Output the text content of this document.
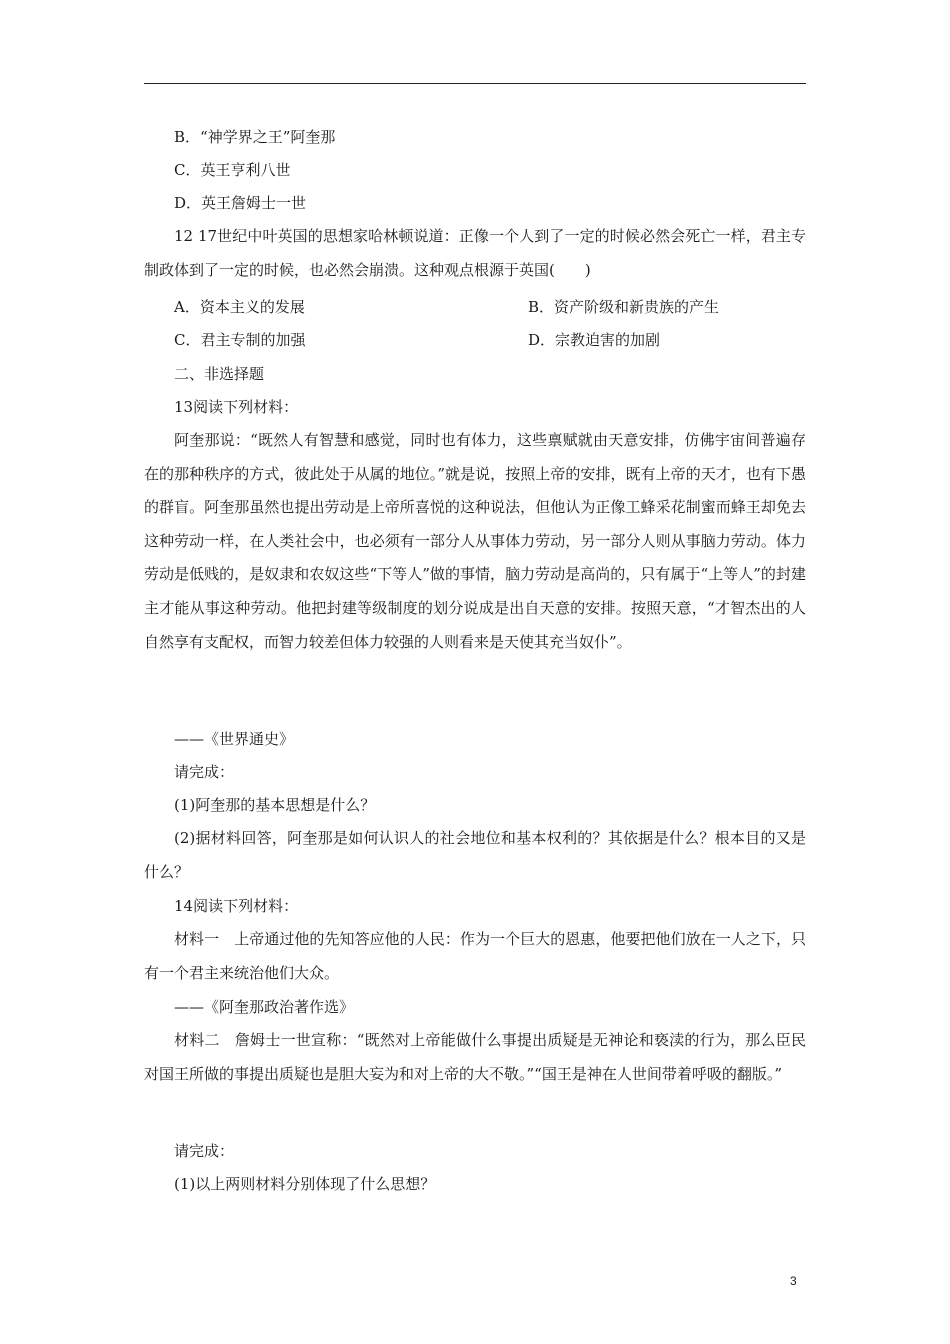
B．“神学界之王”阿奎那
C．英王亨利八世
D．英王詹姆士一世
12 17世纪中叶英国的思想家哈林顿说道：正像一个人到了一定的时候必然会死亡一样，君主专制政体到了一定的时候，也必然会崩溃。这种观点根源于英国(　　)
A．资本主义的发展	B．资产阶级和新贵族的产生
C．君主专制的加强	D．宗教迫害的加剧
二、非选择题
13阅读下列材料：
阿奎那说：“既然人有智慧和感觉，同时也有体力，这些禀赋就由天意安排，仿佛宇宙间普遍存在的那种秩序的方式，彼此处于从属的地位。”就是说，按照上帝的安排，既有上帝的天才，也有下愚的群盲。阿奎那虽然也提出劳动是上帝所喜悦的这种说法，但他认为正像工蜂采花制蜜而蜂王却免去这种劳动一样，在人类社会中，也必须有一部分人从事体力劳动，另一部分人则从事脑力劳动。体力劳动是低贱的，是奴隶和农奴这些“下等人”做的事情，脑力劳动是高尚的，只有属于“上等人”的封建主才能从事这种劳动。他把封建等级制度的划分说成是出自天意的安排。按照天意，“才智杰出的人自然享有支配权，而智力较差但体力较强的人则看来是天使其充当奴仆”。
——《世界通史》
请完成：
(1)阿奎那的基本思想是什么？
(2)据材料回答，阿奎那是如何认识人的社会地位和基本权利的？其依据是什么？根本目的又是什么？
14阅读下列材料：
材料一　上帝通过他的先知答应他的人民：作为一个巨大的恩惠，他要把他们放在一人之下，只有一个君主来统治他们大众。
——《阿奎那政治著作选》
材料二　詹姆士一世宣称：“既然对上帝能做什么事提出质疑是无神论和亵渎的行为，那么臣民对国王所做的事提出质疑也是胆大妄为和对上帝的大不敬。”“国王是神在人世间带着呼吸的翻版。”
请完成：
(1)以上两则材料分别体现了什么思想？
3
